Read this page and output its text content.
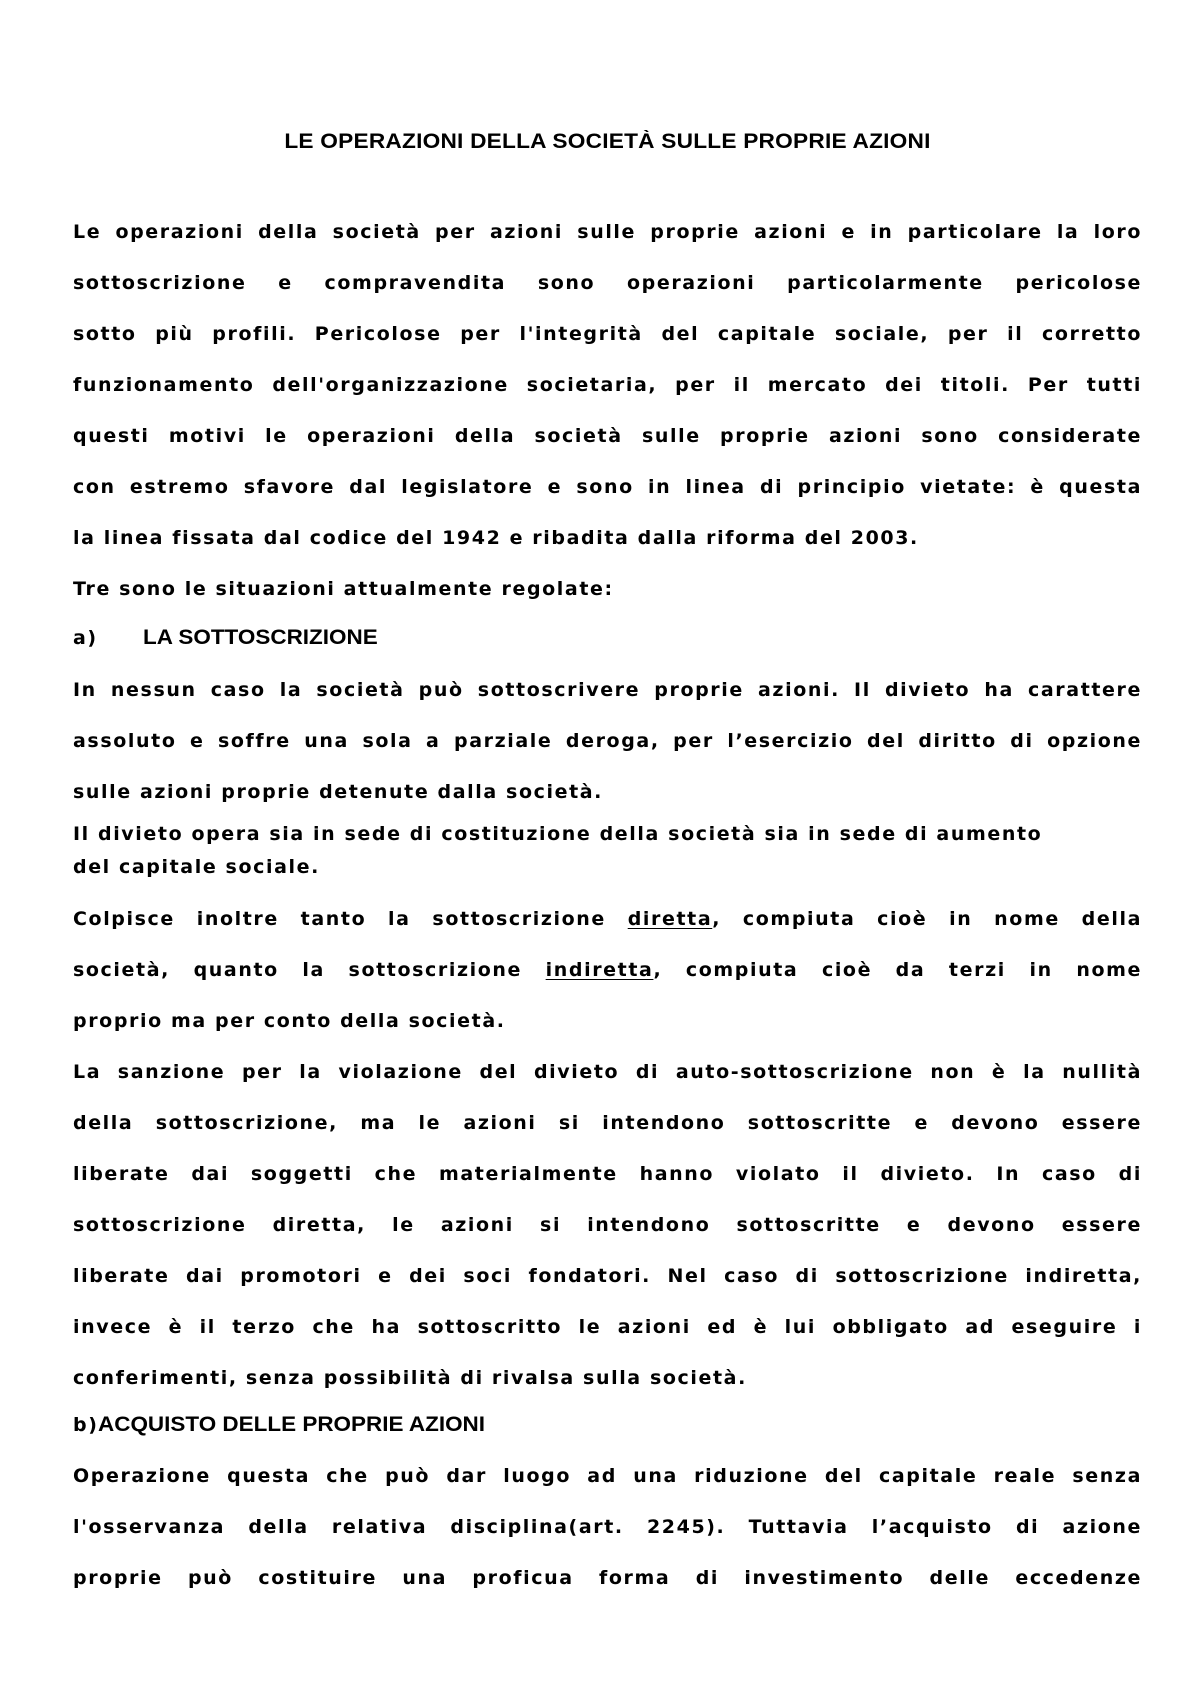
LE OPERAZIONI DELLA SOCIETÀ SULLE PROPRIE AZIONI
Le operazioni della società per azioni sulle proprie azioni e in particolare la loro
sottoscrizione e compravendita sono operazioni particolarmente pericolose
sotto più profili. Pericolose per l'integrità del capitale sociale, per il corretto
funzionamento dell'organizzazione societaria, per il mercato dei titoli. Per tutti
questi motivi le operazioni della società sulle proprie azioni sono considerate
con estremo sfavore dal legislatore e sono in linea di principio vietate: è questa
la linea fissata dal codice del 1942 e ribadita dalla riforma del 2003.
Tre sono le situazioni attualmente regolate:
a) LA SOTTOSCRIZIONE
In nessun caso la società può sottoscrivere proprie azioni. Il divieto ha carattere
assoluto e soffre una sola a parziale deroga, per l’esercizio del diritto di opzione
sulle azioni proprie detenute dalla società.
Il divieto opera sia in sede di costituzione della società sia in sede di aumento
del capitale sociale.
Colpisce inoltre tanto la sottoscrizione diretta, compiuta cioè in nome della
società, quanto la sottoscrizione indiretta, compiuta cioè da terzi in nome
proprio ma per conto della società.
La sanzione per la violazione del divieto di auto-sottoscrizione non è la nullità
della sottoscrizione, ma le azioni si intendono sottoscritte e devono essere
liberate dai soggetti che materialmente hanno violato il divieto. In caso di
sottoscrizione diretta, le azioni si intendono sottoscritte e devono essere
liberate dai promotori e dei soci fondatori. Nel caso di sottoscrizione indiretta,
invece è il terzo che ha sottoscritto le azioni ed è lui obbligato ad eseguire i
conferimenti, senza possibilità di rivalsa sulla società.
b)ACQUISTO DELLE PROPRIE AZIONI
Operazione questa che può dar luogo ad una riduzione del capitale reale senza
l'osservanza della relativa disciplina(art. 2245). Tuttavia l’acquisto di azione
proprie può costituire una proficua forma di investimento delle eccedenze
